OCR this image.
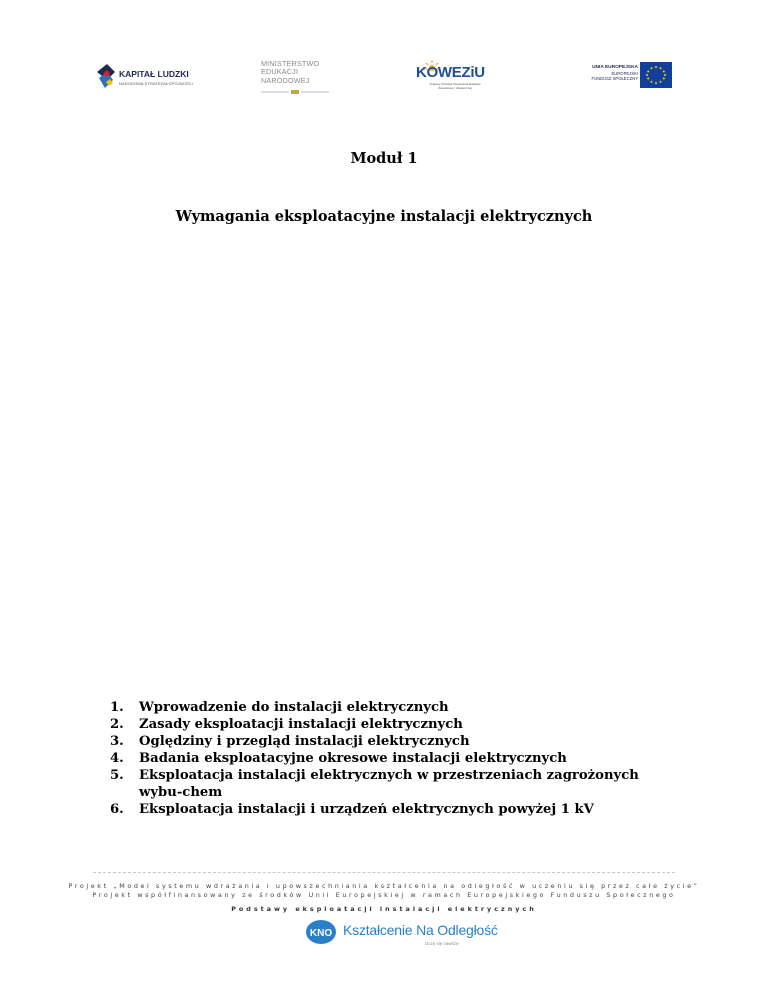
KAPITAŁ LUDZKI
NARODOWA STRATEGIA SPÓJNOŚCI
MINISTERSTWO
EDUKACJI
NARODOWEJ	KOWEZiU
Krajowy Ośrodek Wspierania Edukacji Zawodowej i Ustawicznej
UNIA EUROPEJSKA
EUROPEJSKI
FUNDUSZ SPOŁECZNY
Moduł 1
Wymagania eksploatacyjne instalacji elektrycznych
1. Wprowadzenie do instalacji elektrycznych
2. Zasady eksploatacji instalacji elektrycznych
3. Oględziny i przegląd instalacji elektrycznych
4. Badania eksploatacyjne okresowe instalacji elektrycznych
5. Eksploatacja instalacji elektrycznych w przestrzeniach zagrożonych wybu-chem
6. Eksploatacja instalacji i urządzeń elektrycznych powyżej 1 kV
Projekt „Model systemu wdrażania i upowszechniania kształcenia na odległość w uczeniu się przez całe życie”
Projekt współfinansowany ze środków Unii Europejskiej w ramach Europejskiego Funduszu Społecznego
Podstawy eksploatacji instalacji elektrycznych
KNO Kształcenie Na Odległość
Uczę się zawsze
